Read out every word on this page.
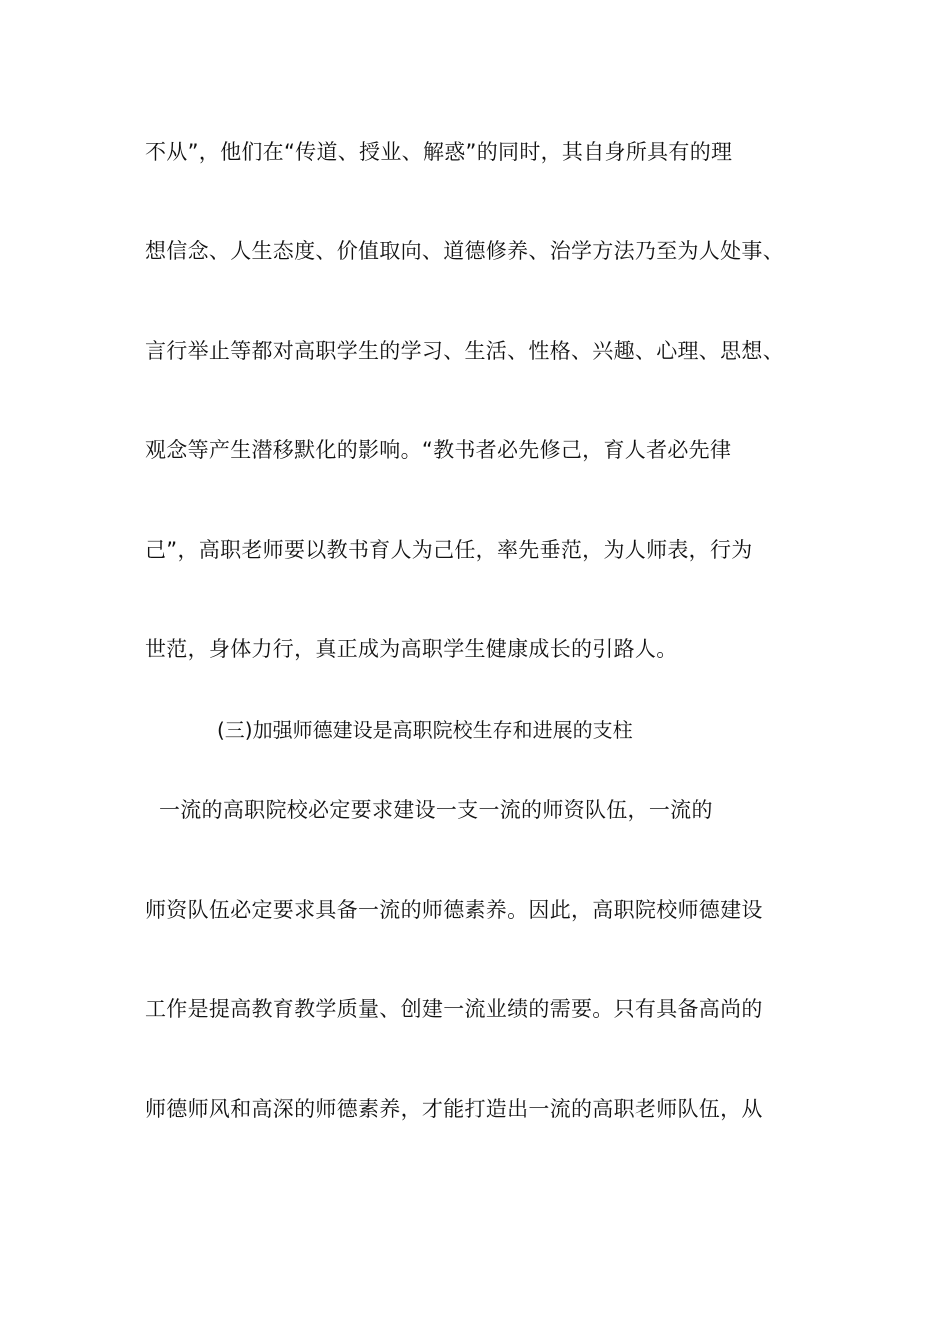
不从”，他们在“传道、授业、解惑”的同时，其自身所具有的理
想信念、人生态度、价值取向、道德修养、治学方法乃至为人处事、
言行举止等都对高职学生的学习、生活、性格、兴趣、心理、思想、
观念等产生潜移默化的影响。“教书者必先修己，育人者必先律
己”，高职老师要以教书育人为己任，率先垂范，为人师表，行为
世范，身体力行，真正成为高职学生健康成长的引路人。
(三)加强师德建设是高职院校生存和进展的支柱
一流的高职院校必定要求建设一支一流的师资队伍，一流的
师资队伍必定要求具备一流的师德素养。因此，高职院校师德建设
工作是提高教育教学质量、创建一流业绩的需要。只有具备高尚的
师德师风和高深的师德素养，才能打造出一流的高职老师队伍，从
